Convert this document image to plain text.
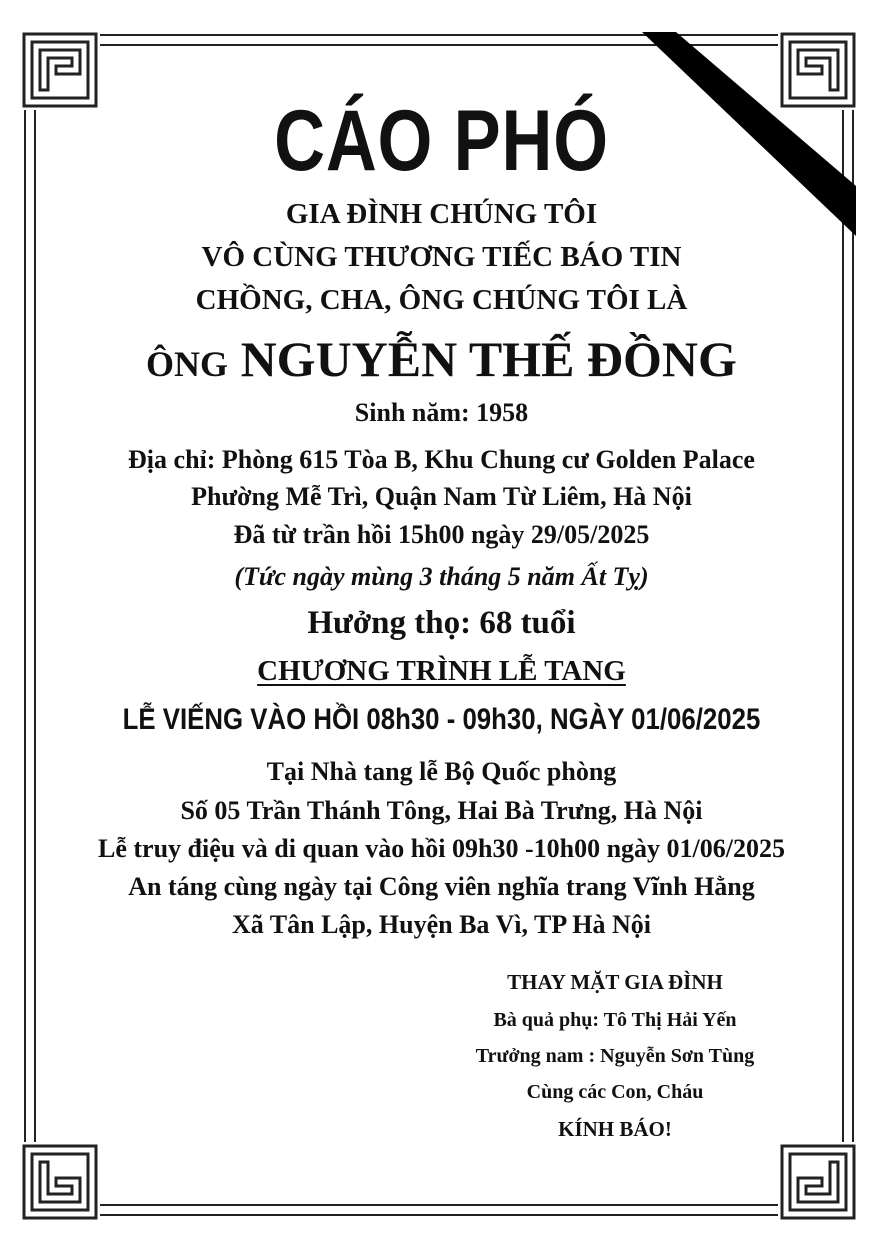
CÁO PHÓ
GIA ĐÌNH CHÚNG TÔI
VÔ CÙNG THƯƠNG TIẾC BÁO TIN
CHỒNG, CHA, ÔNG CHÚNG TÔI LÀ
ÔNG NGUYỄN THẾ ĐỒNG
Sinh năm: 1958
Địa chỉ: Phòng 615 Tòa B, Khu Chung cư Golden Palace
Phường Mễ Trì, Quận Nam Từ Liêm, Hà Nội
Đã từ trần hồi 15h00 ngày 29/05/2025
(Tức ngày mùng 3 tháng 5 năm Ất Tỵ)
Hưởng thọ: 68 tuổi
CHƯƠNG TRÌNH LỄ TANG
LỄ VIẾNG VÀO HỒI 08h30 - 09h30, NGÀY 01/06/2025
Tại Nhà tang lễ Bộ Quốc phòng
Số 05 Trần Thánh Tông, Hai Bà Trưng, Hà Nội
Lễ truy điệu và di quan vào hồi 09h30 -10h00 ngày 01/06/2025
An táng cùng ngày tại Công viên nghĩa trang Vĩnh Hằng
Xã Tân Lập, Huyện Ba Vì, TP Hà Nội
THAY MẶT GIA ĐÌNH
Bà quả phụ: Tô Thị Hải Yến
Trưởng nam : Nguyễn Sơn Tùng
Cùng các Con, Cháu
KÍNH BÁO!
